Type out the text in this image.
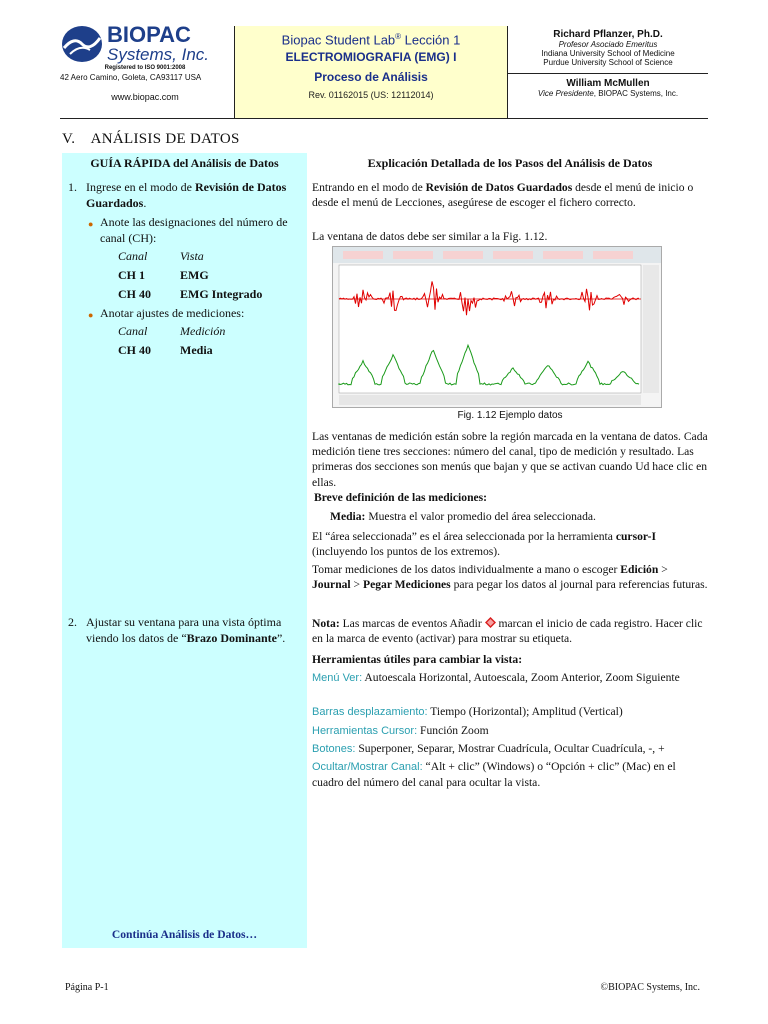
BIOPAC
Systems, Inc.
Registered to ISO 9001:2008
42 Aero Camino, Goleta, CA93117 USA
www.biopac.com
Biopac Student Lab® Lección 1
ELECTROMIOGRAFIA (EMG) I
Proceso de Análisis
Rev. 01162015 (US: 12112014)
Richard Pflanzer, Ph.D.
Profesor Asociado Emeritus
Indiana University School of Medicine
Purdue University School of Science
William McMullen
Vice Presidente, BIOPAC Systems, Inc.
V.    ANÁLISIS DE DATOS
GUÍA RÁPIDA del Análisis de Datos	Explicación Detallada de los Pasos del Análisis de Datos
1. Ingrese en el modo de Revisión de Datos Guardados.
● Anote las designaciones del número de canal (CH):
Canal	Vista
CH 1	EMG
CH 40	EMG Integrado
● Anotar ajustes de mediciones:
Canal	Medición
CH 40	Media
2. Ajustar su ventana para una vista óptima viendo los datos de “Brazo Dominante”.
Continúa Análisis de Datos…
Entrando en el modo de Revisión de Datos Guardados desde el menú de inicio o desde el menú de Lecciones, asegúrese de escoger el fichero correcto.
La ventana de datos debe ser similar a la Fig. 1.12.
Fig. 1.12 Ejemplo datos
Las ventanas de medición están sobre la región marcada en la ventana de datos. Cada medición tiene tres secciones: número del canal, tipo de medición y resultado. Las primeras dos secciones son menús que bajan y que se activan cuando Ud hace clic en ellas.
Breve definición de las mediciones:
Media: Muestra el valor promedio del área seleccionada.
El “área seleccionada” es el área seleccionada por la herramienta cursor-I (incluyendo los puntos de los extremos).
Tomar mediciones de los datos individualmente a mano o escoger Edición > Journal > Pegar Mediciones para pegar los datos al journal para referencias futuras.
Nota: Las marcas de eventos Añadir  marcan el inicio de cada registro. Hacer clic en la marca de evento (activar) para mostrar su etiqueta.
Herramientas útiles para cambiar la vista:
Menú Ver: Autoescala Horizontal, Autoescala, Zoom Anterior, Zoom Siguiente
Barras desplazamiento: Tiempo (Horizontal); Amplitud (Vertical)
Herramientas Cursor: Función Zoom
Botones: Superponer, Separar, Mostrar Cuadrícula, Ocultar Cuadrícula, -, +
Ocultar/Mostrar Canal: “Alt + clic” (Windows) o “Opción + clic” (Mac) en el cuadro del número del canal para ocultar la vista.
Página P-1	©BIOPAC Systems, Inc.
